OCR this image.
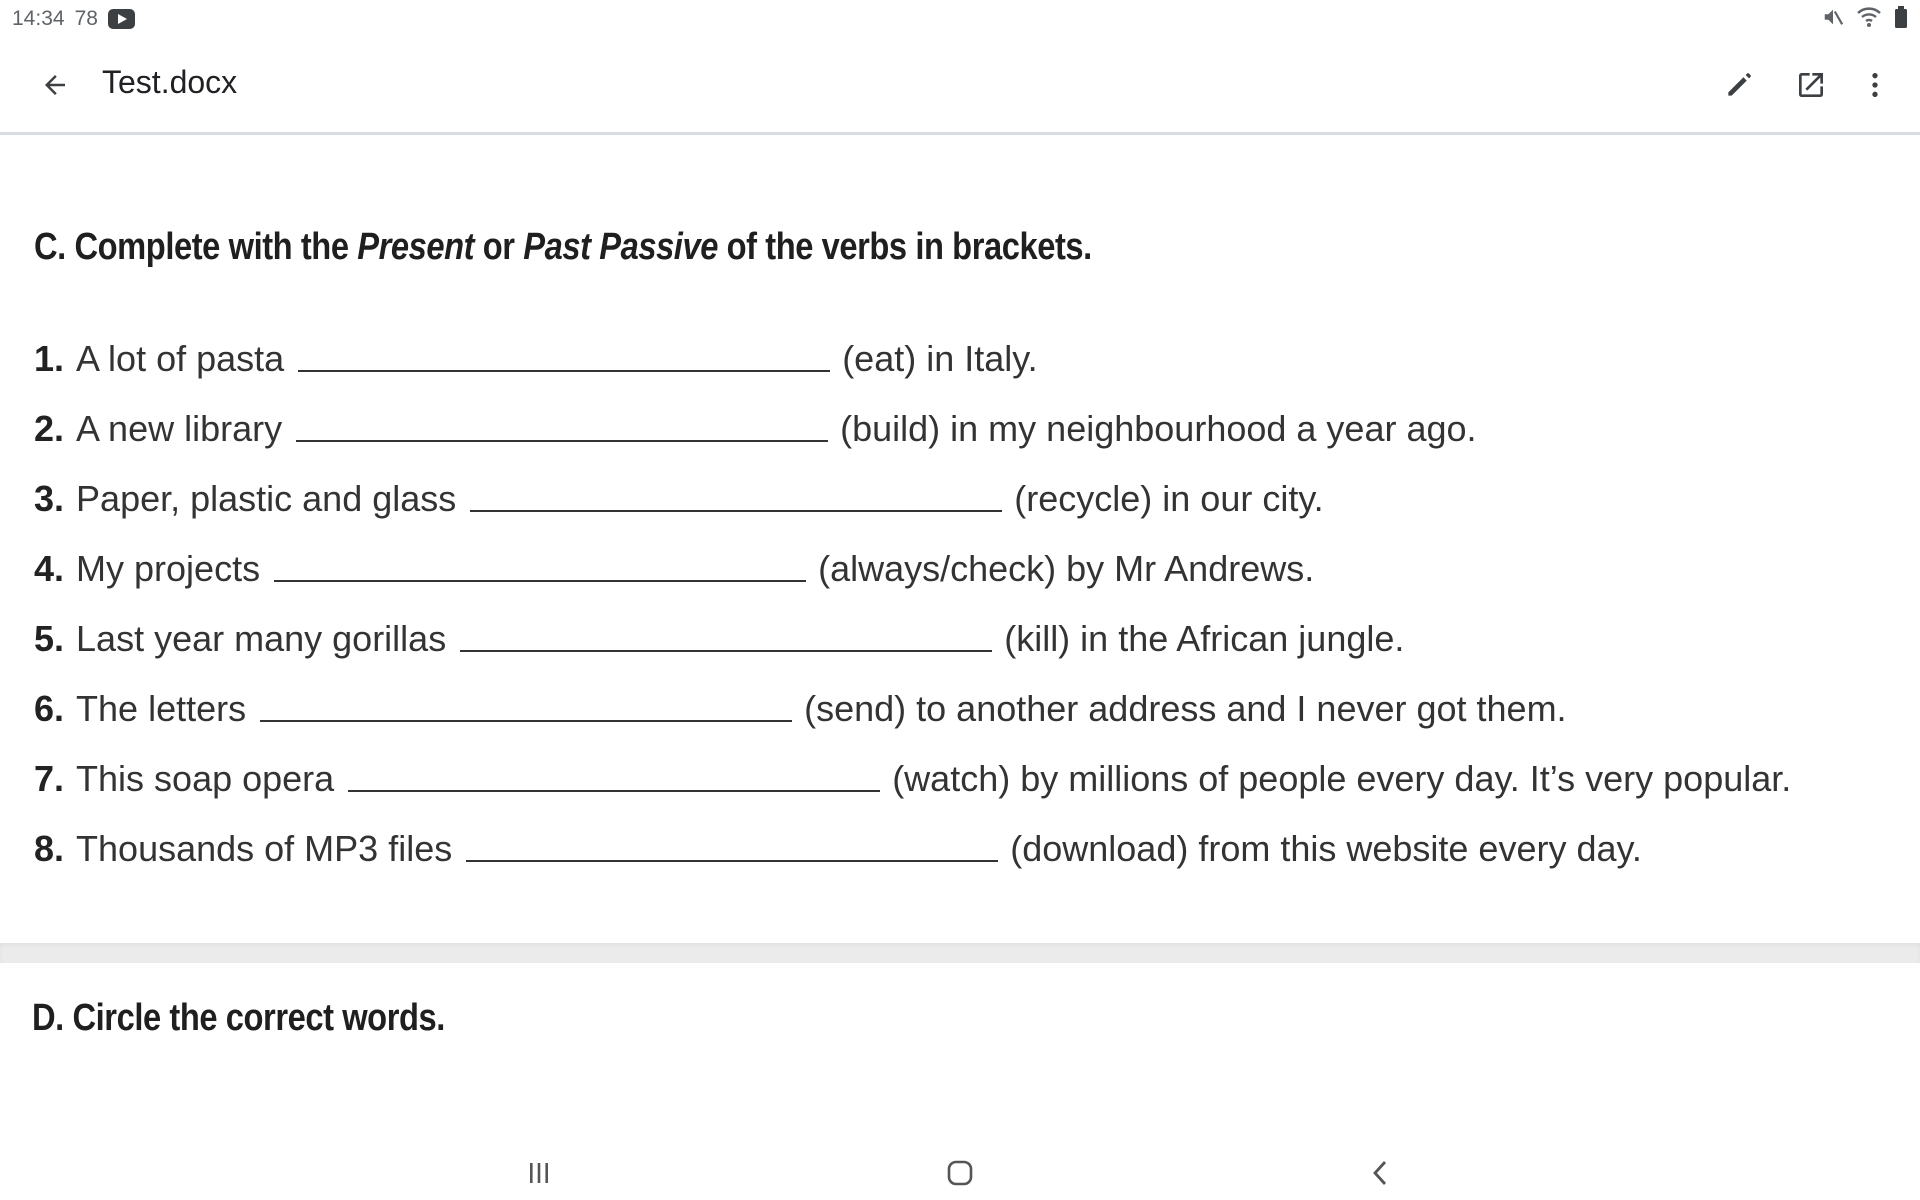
14:34 78
Test.docx
C. Complete with the Present or Past Passive of the verbs in brackets.
1. A lot of pasta	(eat) in Italy.
2. A new library	(build) in my neighbourhood a year ago.
3. Paper, plastic and glass	(recycle) in our city.
4. My projects	(always/check) by Mr Andrews.
5. Last year many gorillas	(kill) in the African jungle.
6. The letters	(send) to another address and I never got them.
7. This soap opera	(watch) by millions of people every day. It’s very popular.
8. Thousands of MP3 files	(download) from this website every day.
D. Circle the correct words.
